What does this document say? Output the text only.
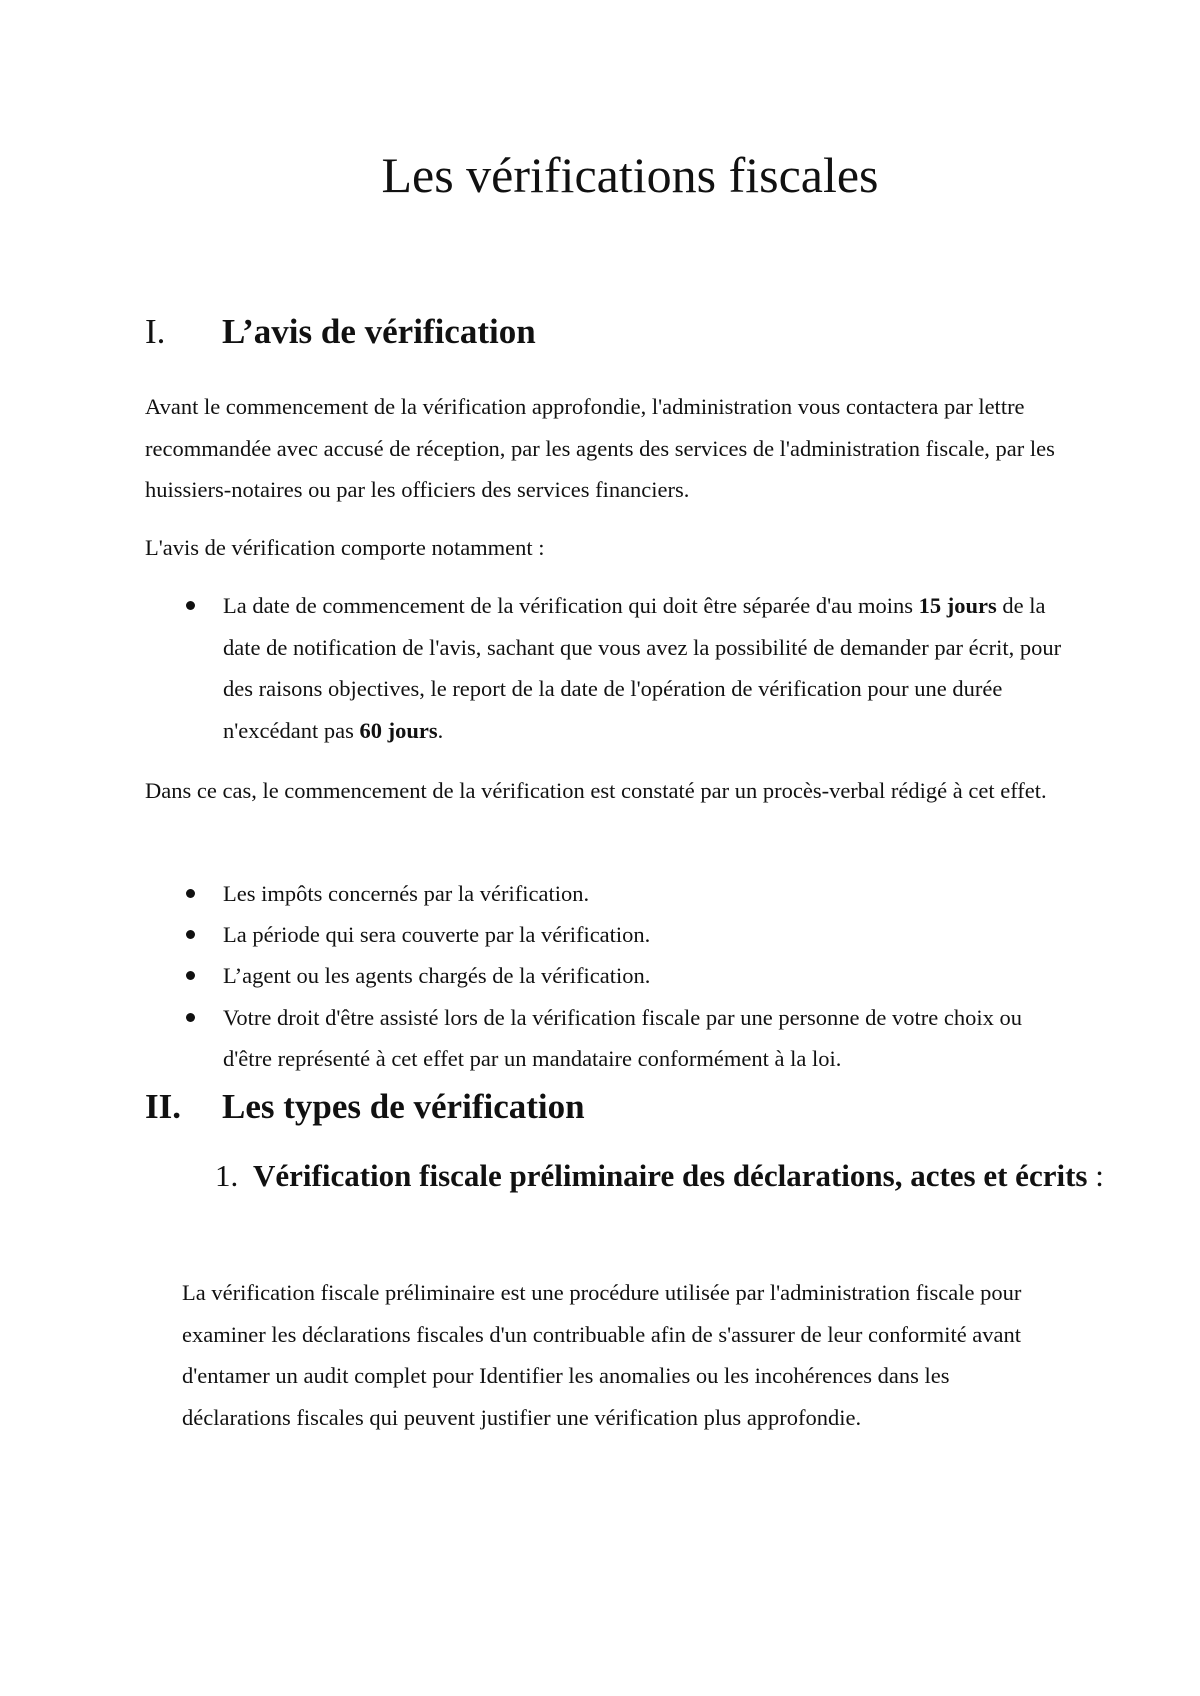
Les vérifications fiscales
I. L’avis de vérification

Avant le commencement de la vérification approfondie, l'administration vous contactera par lettre recommandée avec accusé de réception, par les agents des services de l'administration fiscale, par les huissiers-notaires ou par les officiers des services financiers.

L'avis de vérification comporte notamment :

La date de commencement de la vérification qui doit être séparée d'au moins 15 jours de la date de notification de l'avis, sachant que vous avez la possibilité de demander par écrit, pour des raisons objectives, le report de la date de l'opération de vérification pour une durée n'excédant pas 60 jours.

Dans ce cas, le commencement de la vérification est constaté par un procès-verbal rédigé à cet effet.

Les impôts concernés par la vérification.
La période qui sera couverte par la vérification.
L’agent ou les agents chargés de la vérification.
Votre droit d'être assisté lors de la vérification fiscale par une personne de votre choix ou d'être représenté à cet effet par un mandataire conformément à la loi.
II. Les types de vérification
1. Vérification fiscale préliminaire des déclarations, actes et écrits :

La vérification fiscale préliminaire est une procédure utilisée par l'administration fiscale pour examiner les déclarations fiscales d'un contribuable afin de s'assurer de leur conformité avant d'entamer un audit complet pour Identifier les anomalies ou les incohérences dans les déclarations fiscales qui peuvent justifier une vérification plus approfondie.
